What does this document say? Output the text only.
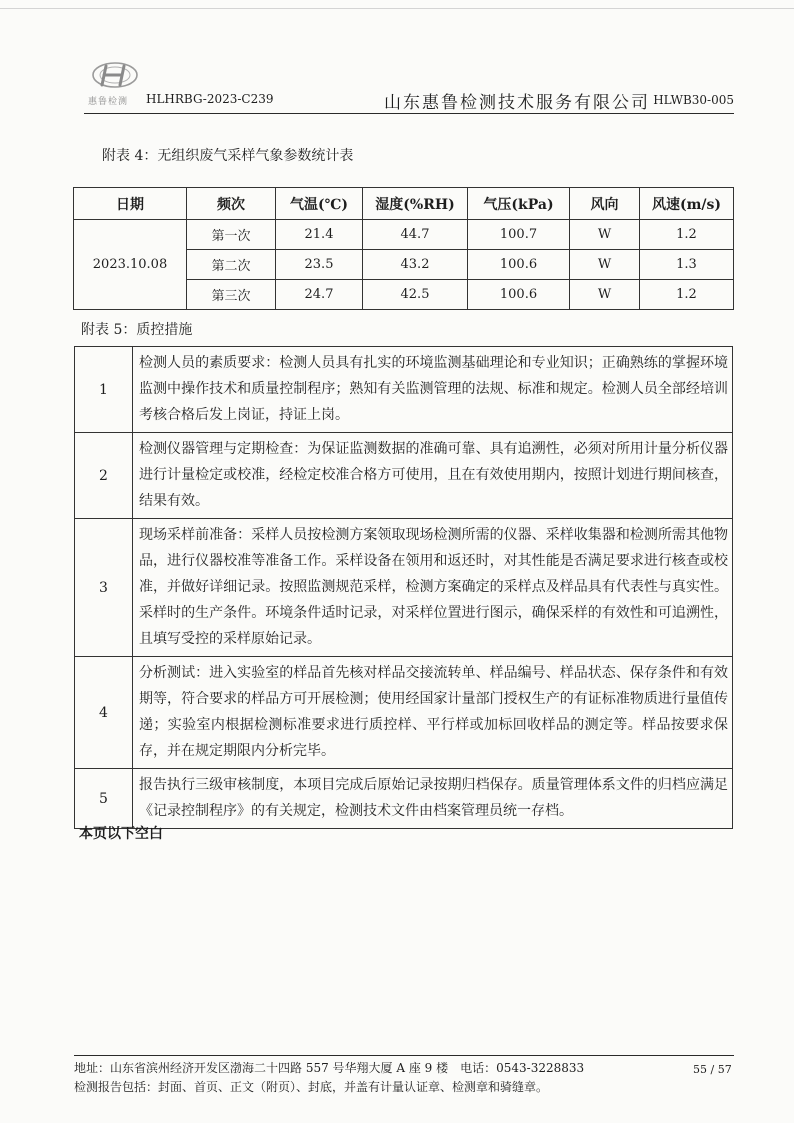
惠鲁检测 HLHRBG-2023-C239	山东惠鲁检测技术服务有限公司 HLWB30-005
附表 4：无组织废气采样气象参数统计表
日期	频次	气温(℃)	湿度(%RH)	气压(kPa)	风向	风速(m/s)
2023.10.08	第一次	21.4	44.7	100.7	W	1.2
	第二次	23.5	43.2	100.6	W	1.3
	第三次	24.7	42.5	100.6	W	1.2
附表 5：质控措施
1	检测人员的素质要求：检测人员具有扎实的环境监测基础理论和专业知识；正确熟练的掌握环境监测中操作技术和质量控制程序；熟知有关监测管理的法规、标准和规定。检测人员全部经培训考核合格后发上岗证，持证上岗。
2	检测仪器管理与定期检查：为保证监测数据的准确可靠、具有追溯性，必须对所用计量分析仪器进行计量检定或校准，经检定校准合格方可使用，且在有效使用期内，按照计划进行期间核查，结果有效。
3	现场采样前准备：采样人员按检测方案领取现场检测所需的仪器、采样收集器和检测所需其他物品，进行仪器校准等准备工作。采样设备在领用和返还时，对其性能是否满足要求进行核查或校准，并做好详细记录。按照监测规范采样，检测方案确定的采样点及样品具有代表性与真实性。采样时的生产条件。环境条件适时记录，对采样位置进行图示，确保采样的有效性和可追溯性，且填写受控的采样原始记录。
4	分析测试：进入实验室的样品首先核对样品交接流转单、样品编号、样品状态、保存条件和有效期等，符合要求的样品方可开展检测；使用经国家计量部门授权生产的有证标准物质进行量值传递；实验室内根据检测标准要求进行质控样、平行样或加标回收样品的测定等。样品按要求保存，并在规定期限内分析完毕。
5	报告执行三级审核制度，本项目完成后原始记录按期归档保存。质量管理体系文件的归档应满足《记录控制程序》的有关规定，检测技术文件由档案管理员统一存档。
本页以下空白
地址：山东省滨州经济开发区渤海二十四路 557 号华翔大厦 A 座 9 楼　电话：0543-3228833	55 / 57
检测报告包括：封面、首页、正文（附页）、封底，并盖有计量认证章、检测章和骑缝章。
